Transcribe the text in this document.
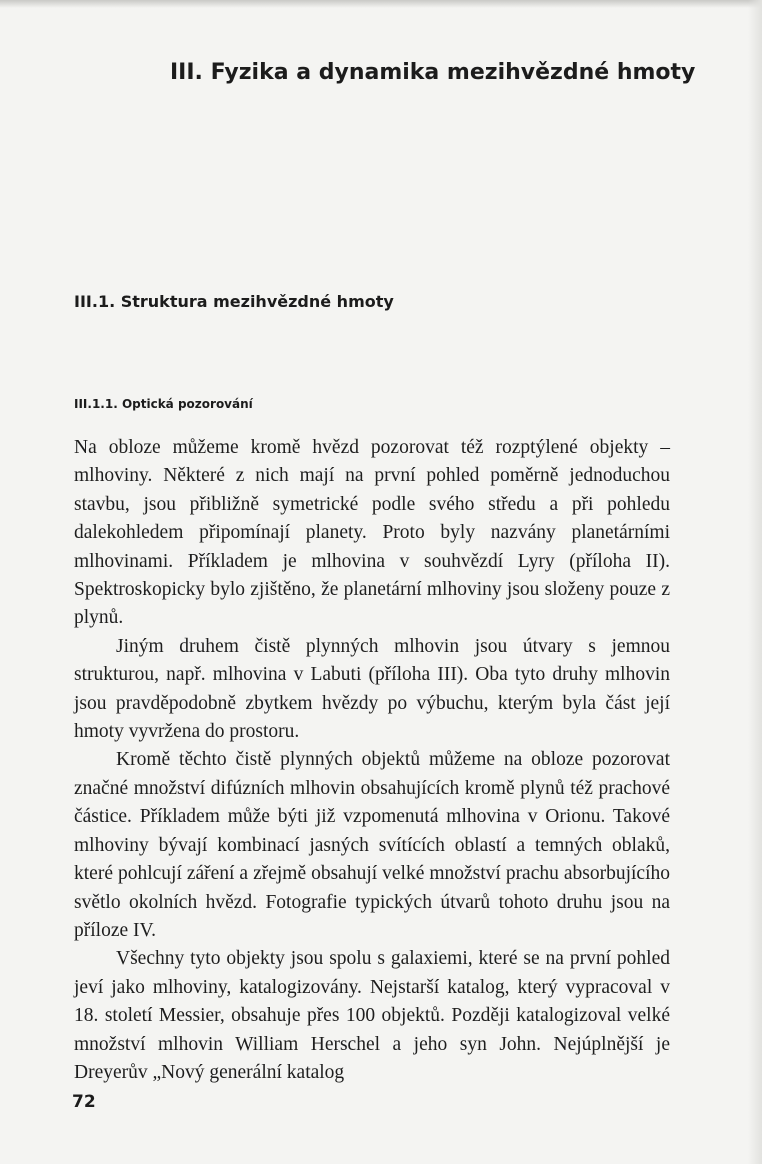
III. Fyzika a dynamika mezihvězdné hmoty
III.1. Struktura mezihvězdné hmoty
III.1.1. Optická pozorování

Na obloze můžeme kromě hvězd pozorovat též rozptýlené objekty – mlhoviny. Některé z nich mají na první pohled poměrně jednoduchou stavbu, jsou přibližně symetrické podle svého středu a při pohledu dalekohledem připomínají planety. Proto byly nazvány planetárními mlhovinami. Příkladem je mlhovina v souhvězdí Lyry (příloha II). Spektroskopicky bylo zjištěno, že planetární mlhoviny jsou složeny pouze z plynů.

Jiným druhem čistě plynných mlhovin jsou útvary s jemnou strukturou, např. mlhovina v Labuti (příloha III). Oba tyto druhy mlhovin jsou pravděpodobně zbytkem hvězdy po výbuchu, kterým byla část její hmoty vyvržena do prostoru.

Kromě těchto čistě plynných objektů můžeme na obloze pozorovat značné množství difúzních mlhovin obsahujících kromě plynů též prachové částice. Příkladem může býti již vzpomenutá mlhovina v Orionu. Takové mlhoviny bývají kombinací jasných svítících oblastí a temných oblaků, které pohlcují záření a zřejmě obsahují velké množství prachu absorbujícího světlo okolních hvězd. Fotografie typických útvarů tohoto druhu jsou na příloze IV.

Všechny tyto objekty jsou spolu s galaxiemi, které se na první pohled jeví jako mlhoviny, katalogizovány. Nejstarší katalog, který vypracoval v 18. století Messier, obsahuje přes 100 objektů. Později katalogizoval velké množství mlhovin William Herschel a jeho syn John. Nejúplnější je Dreyerův „Nový generální katalog

72
